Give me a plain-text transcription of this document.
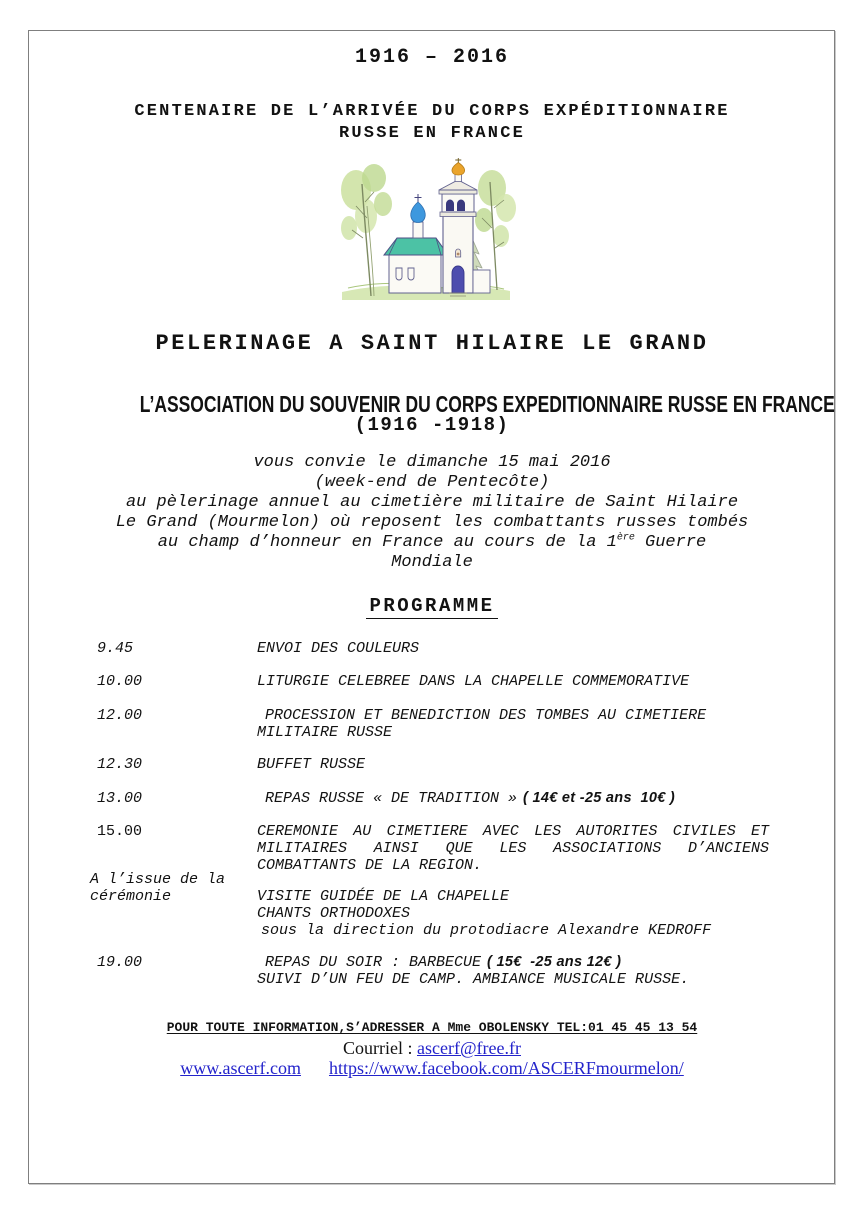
1916 – 2016
CENTENAIRE DE L’ARRIVÉE DU CORPS EXPÉDITIONNAIRE
RUSSE EN FRANCE
PELERINAGE A SAINT HILAIRE LE GRAND
L’ASSOCIATION DU SOUVENIR DU CORPS EXPEDITIONNAIRE RUSSE EN FRANCE
(1916 -1918)
vous convie le dimanche 15 mai 2016
(week-end de Pentecôte)
au pèlerinage annuel au cimetière militaire de Saint Hilaire
Le Grand (Mourmelon) où reposent les combattants russes tombés
au champ d’honneur en France au cours de la 1ère Guerre
Mondiale
PROGRAMME
9.45	ENVOI DES COULEURS
10.00	LITURGIE CELEBREE DANS LA CHAPELLE COMMEMORATIVE
12.00	PROCESSION ET BENEDICTION DES TOMBES AU CIMETIERE
MILITAIRE RUSSE
12.30	BUFFET RUSSE
13.00	REPAS RUSSE « DE TRADITION » ( 14€ et -25 ans  10€ )
15.00	CEREMONIE AU CIMETIERE AVEC LES AUTORITES CIVILES ET
MILITAIRES AINSI QUE LES ASSOCIATIONS D’ANCIENS
COMBATTANTS DE LA REGION.
A l’issue de la
cérémonie	VISITE GUIDÉE DE LA CHAPELLE
CHANTS ORTHODOXES
sous la direction du protodiacre Alexandre KEDROFF
19.00	REPAS DU SOIR : BARBECUE ( 15€  -25 ans 12€ )
SUIVI D’UN FEU DE CAMP. AMBIANCE MUSICALE RUSSE.
POUR TOUTE INFORMATION,S’ADRESSER A Mme OBOLENSKY TEL:01 45 45 13 54
Courriel : ascerf@free.fr
www.ascerf.com https://www.facebook.com/ASCERFmourmelon/
